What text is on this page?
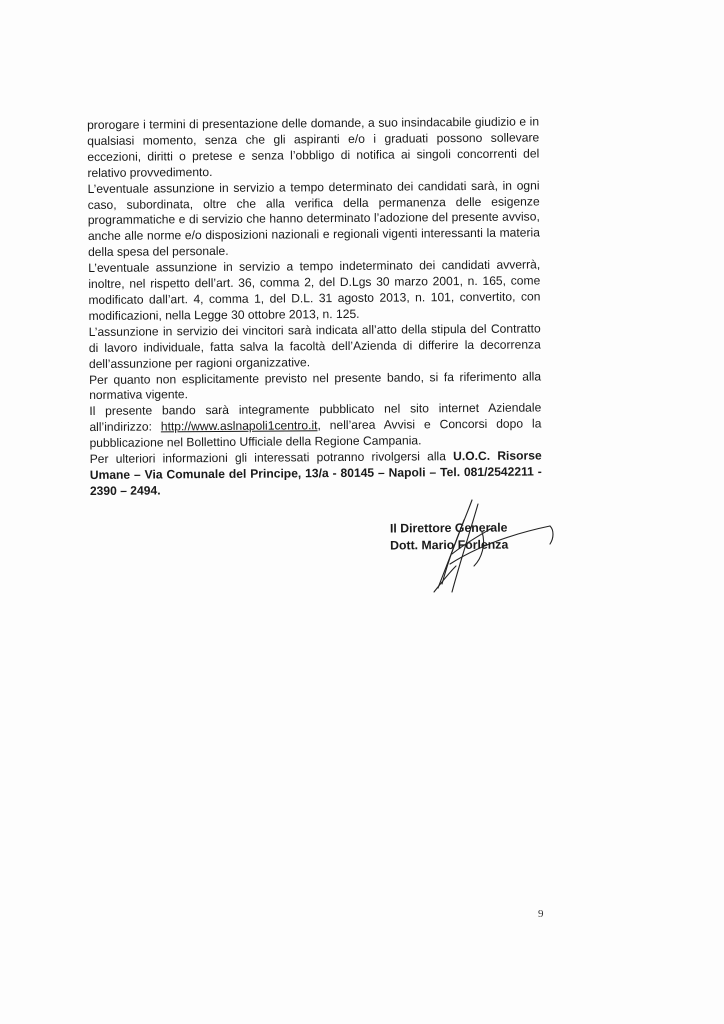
prorogare i termini di presentazione delle domande, a suo insindacabile giudizio e in qualsiasi momento, senza che gli aspiranti e/o i graduati possono sollevare eccezioni, diritti o pretese e senza l’obbligo di notifica ai singoli concorrenti del relativo provvedimento.

L’eventuale assunzione in servizio a tempo determinato dei candidati sarà, in ogni caso, subordinata, oltre che alla verifica della permanenza delle esigenze programmatiche e di servizio che hanno determinato l’adozione del presente avviso, anche alle norme e/o disposizioni nazionali e regionali vigenti interessanti la materia della spesa del personale.

L’eventuale assunzione in servizio a tempo indeterminato dei candidati avverrà, inoltre, nel rispetto dell’art. 36, comma 2, del D.Lgs 30 marzo 2001, n. 165, come modificato dall’art. 4, comma 1, del D.L. 31 agosto 2013, n. 101, convertito, con modificazioni, nella Legge 30 ottobre 2013, n. 125.

L’assunzione in servizio dei vincitori sarà indicata all’atto della stipula del Contratto di lavoro individuale, fatta salva la facoltà dell’Azienda di differire la decorrenza dell’assunzione per ragioni organizzative.

Per quanto non esplicitamente previsto nel presente bando, si fa riferimento alla normativa vigente.

Il presente bando sarà integramente pubblicato nel sito internet Aziendale all’indirizzo: http://www.aslnapoli1centro.it, nell’area Avvisi e Concorsi dopo la pubblicazione nel Bollettino Ufficiale della Regione Campania.

Per ulteriori informazioni gli interessati potranno rivolgersi alla U.O.C. Risorse Umane – Via Comunale del Principe, 13/a - 80145 – Napoli – Tel. 081/2542211 - 2390 – 2494.

Il Direttore Generale
Dott. Mario Forlenza
9
